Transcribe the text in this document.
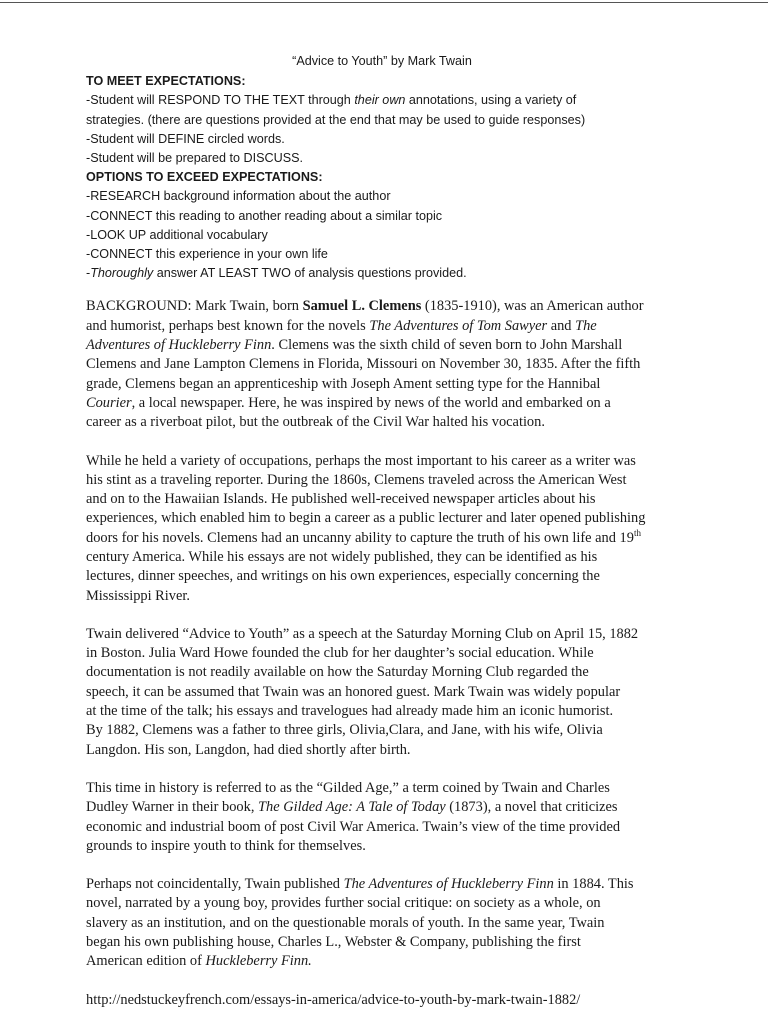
“Advice to Youth” by Mark Twain
TO MEET EXPECTATIONS:
-Student will RESPOND TO THE TEXT through their own annotations, using a variety of
strategies. (there are questions provided at the end that may be used to guide responses)
-Student will DEFINE circled words.
-Student will be prepared to DISCUSS.
OPTIONS TO EXCEED EXPECTATIONS:
-RESEARCH background information about the author
-CONNECT this reading to another reading about a similar topic
-LOOK UP additional vocabulary
-CONNECT this experience in your own life
-Thoroughly answer AT LEAST TWO of analysis questions provided.
BACKGROUND: Mark Twain, born Samuel L. Clemens (1835-1910), was an American author
and humorist, perhaps best known for the novels The Adventures of Tom Sawyer and The
Adventures of Huckleberry Finn. Clemens was the sixth child of seven born to John Marshall
Clemens and Jane Lampton Clemens in Florida, Missouri on November 30, 1835. After the fifth
grade, Clemens began an apprenticeship with Joseph Ament setting type for the Hannibal
Courier, a local newspaper. Here, he was inspired by news of the world and embarked on a
career as a riverboat pilot, but the outbreak of the Civil War halted his vocation.
While he held a variety of occupations, perhaps the most important to his career as a writer was
his stint as a traveling reporter. During the 1860s, Clemens traveled across the American West
and on to the Hawaiian Islands. He published well-received newspaper articles about his
experiences, which enabled him to begin a career as a public lecturer and later opened publishing
doors for his novels. Clemens had an uncanny ability to capture the truth of his own life and 19th
century America. While his essays are not widely published, they can be identified as his
lectures, dinner speeches, and writings on his own experiences, especially concerning the
Mississippi River.
Twain delivered “Advice to Youth” as a speech at the Saturday Morning Club on April 15, 1882
in Boston. Julia Ward Howe founded the club for her daughter’s social education. While
documentation is not readily available on how the Saturday Morning Club regarded the
speech, it can be assumed that Twain was an honored guest. Mark Twain was widely popular
at the time of the talk; his essays and travelogues had already made him an iconic humorist.
By 1882, Clemens was a father to three girls, Olivia,Clara, and Jane, with his wife, Olivia
Langdon. His son, Langdon, had died shortly after birth.
This time in history is referred to as the “Gilded Age,” a term coined by Twain and Charles
Dudley Warner in their book, The Gilded Age: A Tale of Today (1873), a novel that criticizes
economic and industrial boom of post Civil War America. Twain’s view of the time provided
grounds to inspire youth to think for themselves.
Perhaps not coincidentally, Twain published The Adventures of Huckleberry Finn in 1884. This
novel, narrated by a young boy, provides further social critique: on society as a whole, on
slavery as an institution, and on the questionable morals of youth. In the same year, Twain
began his own publishing house, Charles L., Webster & Company, publishing the first
American edition of Huckleberry Finn.
http://nedstuckeyfrench.com/essays-in-america/advice-to-youth-by-mark-twain-1882/
